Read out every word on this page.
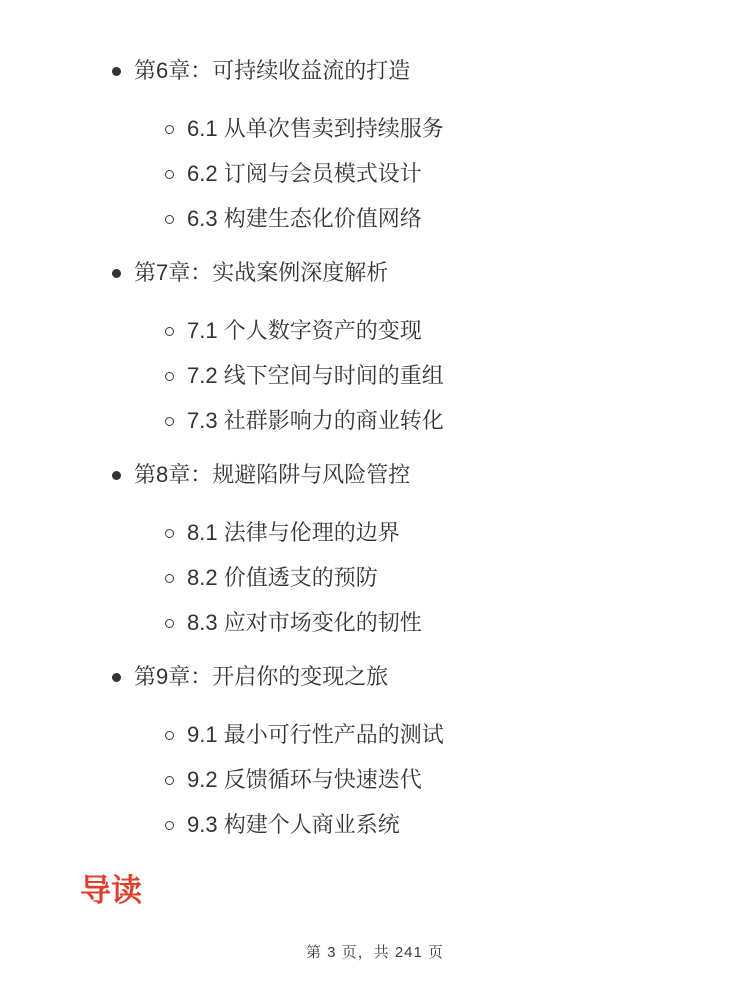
第6章：可持续收益流的打造
6.1 从单次售卖到持续服务
6.2 订阅与会员模式设计
6.3 构建生态化价值网络
第7章：实战案例深度解析
7.1 个人数字资产的变现
7.2 线下空间与时间的重组
7.3 社群影响力的商业转化
第8章：规避陷阱与风险管控
8.1 法律与伦理的边界
8.2 价值透支的预防
8.3 应对市场变化的韧性
第9章：开启你的变现之旅
9.1 最小可行性产品的测试
9.2 反馈循环与快速迭代
9.3 构建个人商业系统
导读
第 3 页，共 241 页
